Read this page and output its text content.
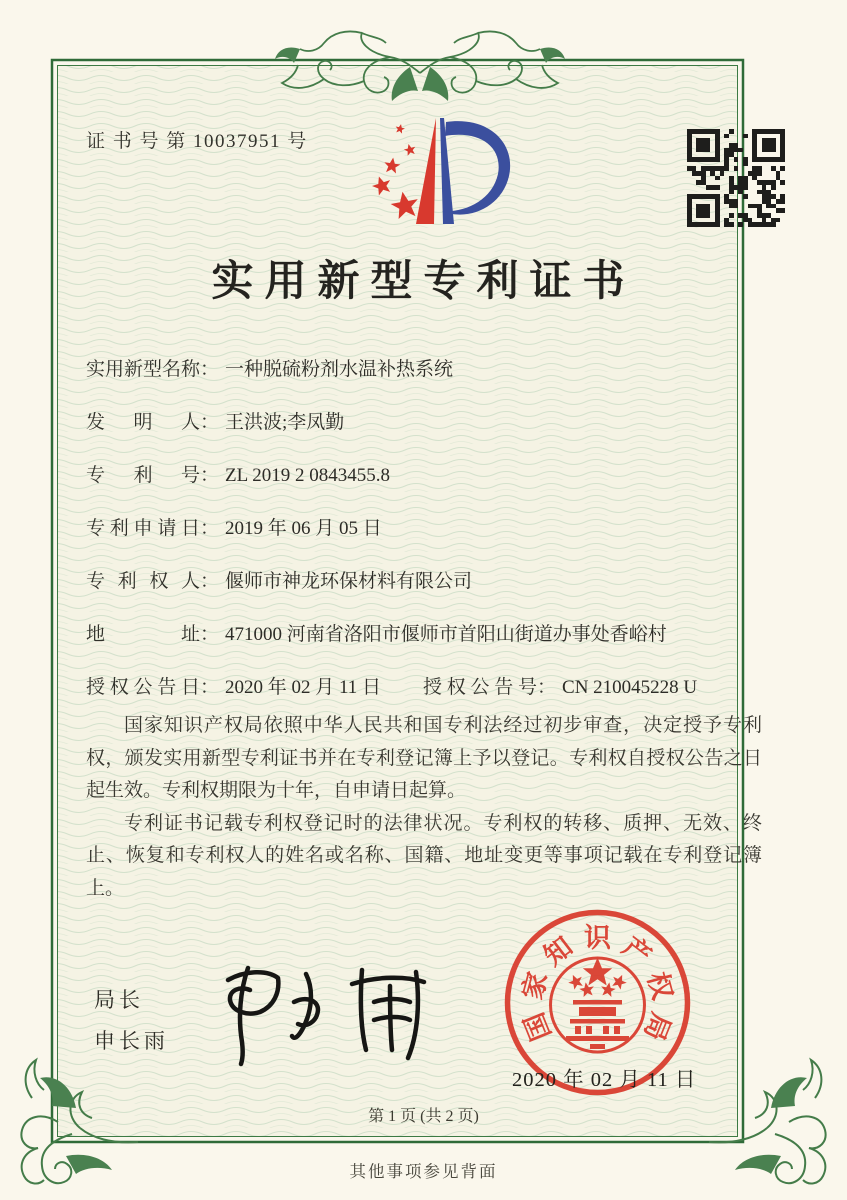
证 书 号 第 10037951 号
实用新型专利证书
实用新型名称： 一种脱硫粉剂水温补热系统
发 明 人： 王洪波;李凤勤
专 利 号： ZL 2019 2 0843455.8
专利申请日： 2019 年 06 月 05 日
专 利 权 人： 偃师市神龙环保材料有限公司
地 址： 471000 河南省洛阳市偃师市首阳山街道办事处香峪村
授权公告日： 2020 年 02 月 11 日 授权公告号： CN 210045228 U

国家知识产权局依照中华人民共和国专利法经过初步审查，决定授予专利权，颁发实用新型专利证书并在专利登记簿上予以登记。专利权自授权公告之日起生效。专利权期限为十年，自申请日起算。

专利证书记载专利权登记时的法律状况。专利权的转移、质押、无效、终止、恢复和专利权人的姓名或名称、国籍、地址变更等事项记载在专利登记簿上。

局长
申长雨	国
家
知 识 产
权
局
2020 年 02 月 11 日
第 1 页 (共 2 页)
其他事项参见背面
